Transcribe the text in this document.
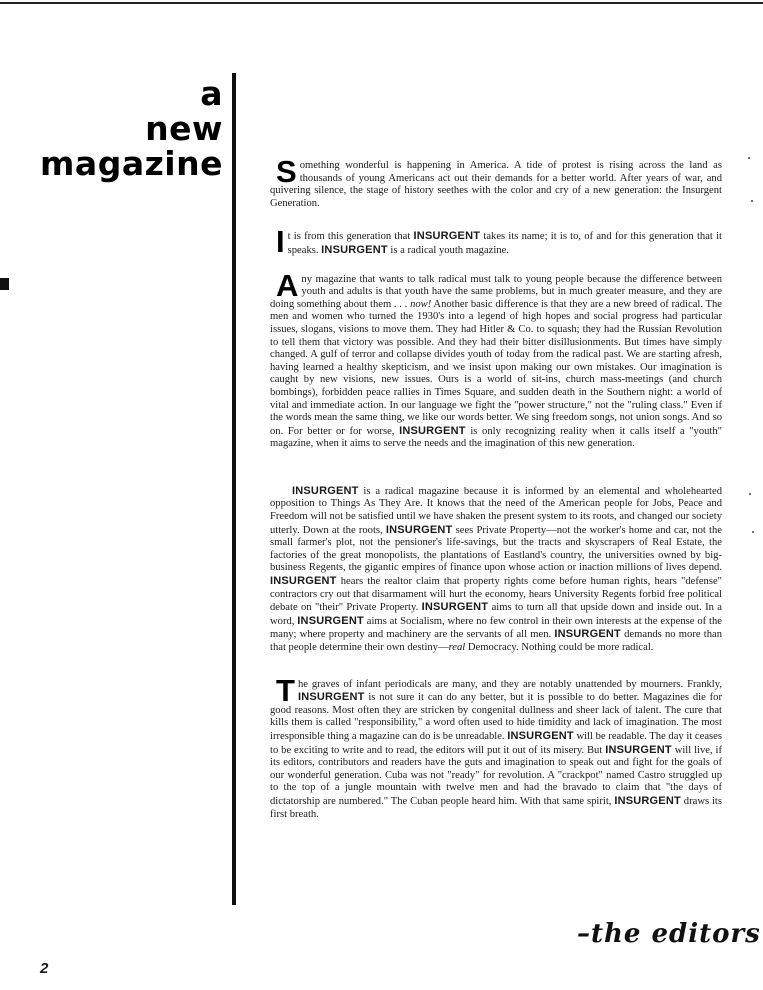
a
new
magazine Something wonderful is happening in America. A tide of protest is rising across the land as thousands of young Americans act out their demands for a better world. After years of war, and quivering silence, the stage of history seethes with the color and cry of a new generation: the Insurgent Generation.

It is from this generation that INSURGENT takes its name; it is to, of and for this generation that it speaks. INSURGENT is a radical youth magazine.

Any magazine that wants to talk radical must talk to young people because the difference between youth and adults is that youth have the same problems, but in much greater measure, and they are doing something about them . . . now! Another basic difference is that they are a new breed of radical. The men and women who turned the 1930's into a legend of high hopes and social progress had particular issues, slogans, visions to move them. They had Hitler & Co. to squash; they had the Russian Revolution to tell them that victory was possible. And they had their bitter disillusionments. But times have simply changed. A gulf of terror and collapse divides youth of today from the radical past. We are starting afresh, having learned a healthy skepticism, and we insist upon making our own mistakes. Our imagination is caught by new visions, new issues. Ours is a world of sit-ins, church mass-meetings (and church bombings), forbidden peace rallies in Times Square, and sudden death in the Southern night: a world of vital and immediate action. In our language we fight the "power structure," not the "ruling class." Even if the words mean the same thing, we like our words better. We sing freedom songs, not union songs. And so on. For better or for worse, INSURGENT is only recognizing reality when it calls itself a "youth" magazine, when it aims to serve the needs and the imagination of this new generation.

INSURGENT is a radical magazine because it is informed by an elemental and wholehearted opposition to Things As They Are. It knows that the need of the American people for Jobs, Peace and Freedom will not be satisfied until we have shaken the present system to its roots, and changed our society utterly. Down at the roots, INSURGENT sees Private Property—not the worker's home and car, not the small farmer's plot, not the pensioner's life-savings, but the tracts and skyscrapers of Real Estate, the factories of the great monopolists, the plantations of Eastland's country, the universities owned by big-business Regents, the gigantic empires of finance upon whose action or inaction millions of lives depend. INSURGENT hears the realtor claim that property rights come before human rights, hears "defense" contractors cry out that disarmament will hurt the economy, hears University Regents forbid free political debate on "their" Private Property. INSURGENT aims to turn all that upside down and inside out. In a word, INSURGENT aims at Socialism, where no few control in their own interests at the expense of the many; where property and machinery are the servants of all men. INSURGENT demands no more than that people determine their own destiny—real Democracy. Nothing could be more radical.

The graves of infant periodicals are many, and they are notably unattended by mourners. Frankly, INSURGENT is not sure it can do any better, but it is possible to do better. Magazines die for good reasons. Most often they are stricken by congenital dullness and sheer lack of talent. The cure that kills them is called "responsibility," a word often used to hide timidity and lack of imagination. The most irresponsible thing a magazine can do is be unreadable. INSURGENT will be readable. The day it ceases to be exciting to write and to read, the editors will put it out of its misery. But INSURGENT will live, if its editors, contributors and readers have the guts and imagination to speak out and fight for the goals of our wonderful generation. Cuba was not "ready" for revolution. A "crackpot" named Castro struggled up to the top of a jungle mountain with twelve men and had the bravado to claim that "the days of dictatorship are numbered." The Cuban people heard him. With that same spirit, INSURGENT draws its first breath.

–the editors
2
